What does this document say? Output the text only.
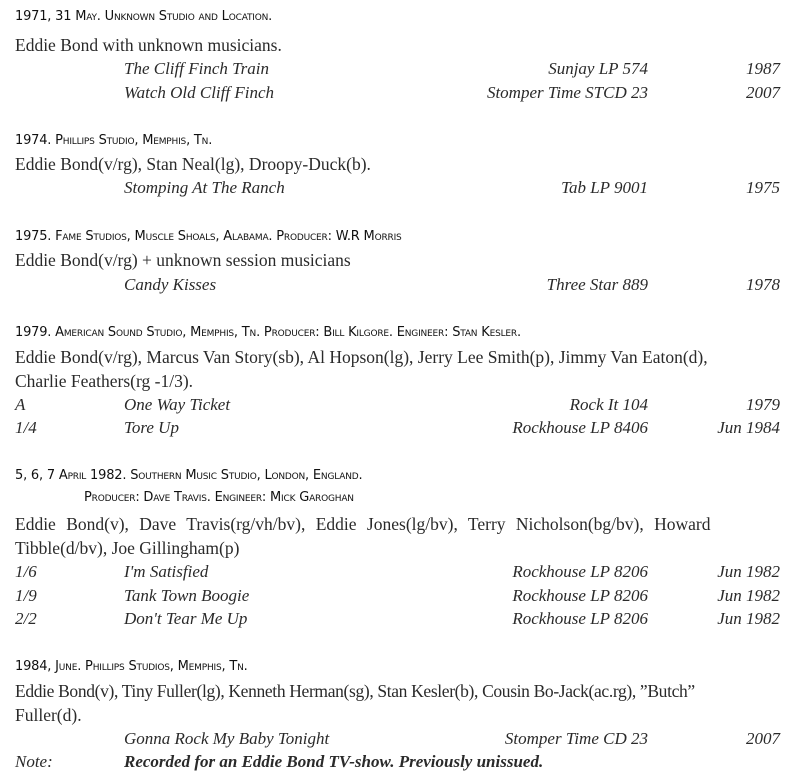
1971, 31 May. Unknown Studio and Location.
Eddie Bond with unknown musicians.
The Cliff Finch Train	Sunjay LP 574	1987
Watch Old Cliff Finch	Stomper Time STCD 23	2007
1974. Phillips Studio, Memphis, Tn.
Eddie Bond(v/rg), Stan Neal(lg), Droopy-Duck(b).
Stomping At The Ranch	Tab LP 9001	1975
1975. Fame Studios, Muscle Shoals, Alabama. Producer: W.R Morris
Eddie Bond(v/rg) + unknown session musicians
Candy Kisses	Three Star 889	1978
1979. American Sound Studio, Memphis, Tn. Producer: Bill Kilgore. Engineer: Stan Kesler.
Eddie Bond(v/rg), Marcus Van Story(sb), Al Hopson(lg), Jerry Lee Smith(p), Jimmy Van Eaton(d),
Charlie Feathers(rg -1/3).
A	One Way Ticket	Rock It 104	1979
1/4	Tore Up	Rockhouse LP 8406	Jun 1984
5, 6, 7 April 1982. Southern Music Studio, London, England.
Producer: Dave Travis. Engineer: Mick Garoghan
Eddie Bond(v), Dave Travis(rg/vh/bv), Eddie Jones(lg/bv), Terry Nicholson(bg/bv), Howard
Tibble(d/bv), Joe Gillingham(p)
1/6	I'm Satisfied	Rockhouse LP 8206	Jun 1982
1/9	Tank Town Boogie	Rockhouse LP 8206	Jun 1982
2/2	Don't Tear Me Up	Rockhouse LP 8206	Jun 1982
1984, June. Phillips Studios, Memphis, Tn.
Eddie Bond(v), Tiny Fuller(lg), Kenneth Herman(sg), Stan Kesler(b), Cousin Bo-Jack(ac.rg), ”Butch”
Fuller(d).
Gonna Rock My Baby Tonight	Stomper Time CD 23	2007
Note:	Recorded for an Eddie Bond TV-show. Previously unissued.
